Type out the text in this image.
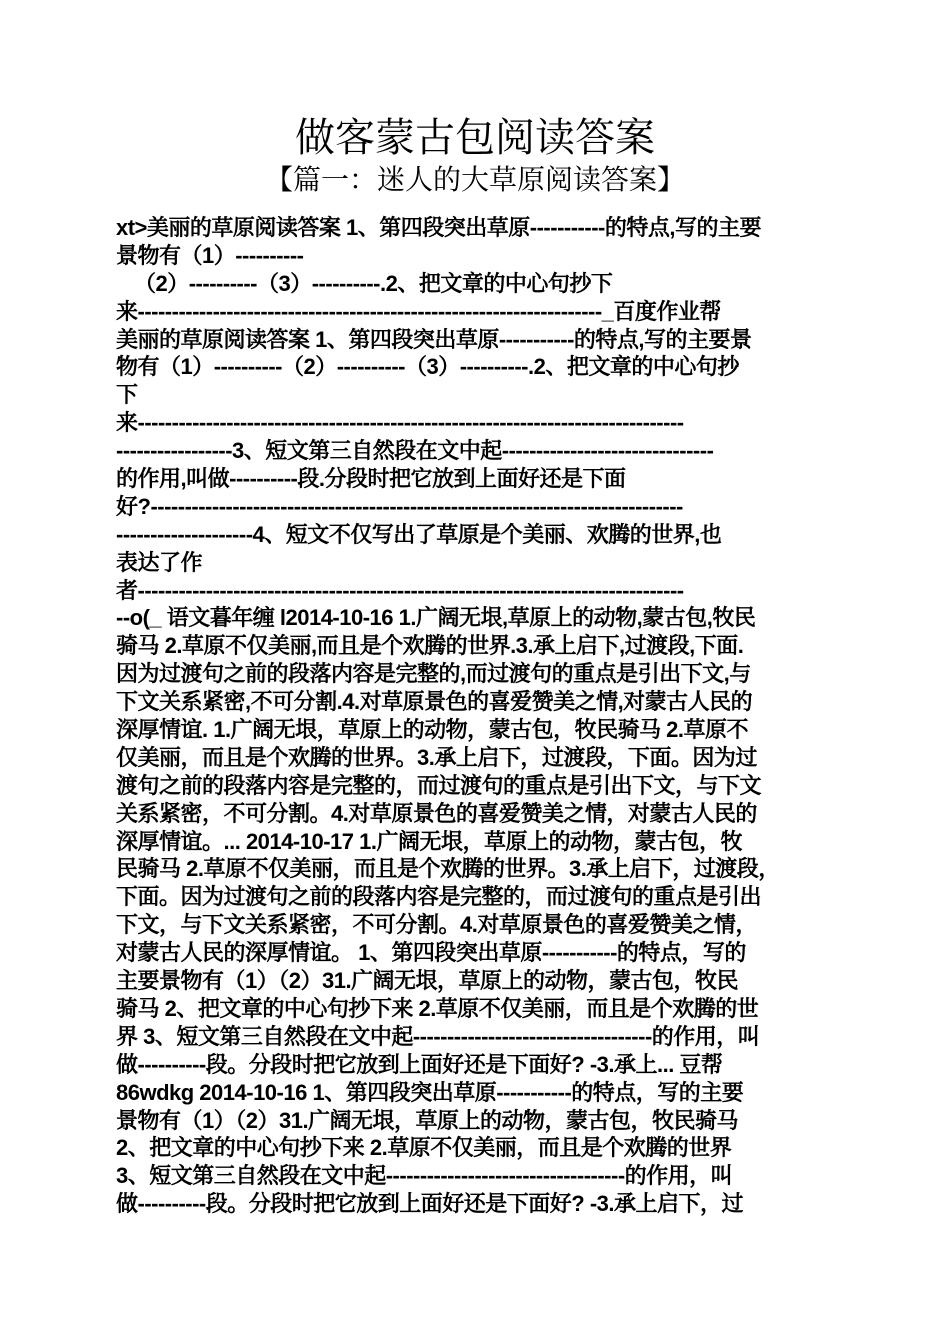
做客蒙古包阅读答案
【篇一：迷人的大草原阅读答案】
xt>美丽的草原阅读答案 1、第四段突出草原-----------的特点,写的主要
景物有（1）----------
（2）----------（3）----------.2、把文章的中心句抄下
来--------------------------------------------------------------------_百度作业帮
美丽的草原阅读答案 1、第四段突出草原-----------的特点,写的主要景
物有（1）----------（2）----------（3）----------.2、把文章的中心句抄
下
来--------------------------------------------------------------------------------
-----------------3、短文第三自然段在文中起-------------------------------
的作用,叫做----------段.分段时把它放到上面好还是下面
好?------------------------------------------------------------------------------
--------------------4、短文不仅写出了草原是个美丽、欢腾的世界,也
表达了作
者--------------------------------------------------------------------------------
--o(_ 语文暮年缠 l2014-10-16 1.广阔无垠,草原上的动物,蒙古包,牧民
骑马 2.草原不仅美丽,而且是个欢腾的世界.3.承上启下,过渡段,下面.
因为过渡句之前的段落内容是完整的,而过渡句的重点是引出下文,与
下文关系紧密,不可分割.4.对草原景色的喜爱赞美之情,对蒙古人民的
深厚情谊. 1.广阔无垠，草原上的动物，蒙古包，牧民骑马 2.草原不
仅美丽，而且是个欢腾的世界。3.承上启下，过渡段，下面。因为过
渡句之前的段落内容是完整的，而过渡句的重点是引出下文，与下文
关系紧密，不可分割。4.对草原景色的喜爱赞美之情，对蒙古人民的
深厚情谊。... 2014-10-17 1.广阔无垠，草原上的动物，蒙古包，牧
民骑马 2.草原不仅美丽，而且是个欢腾的世界。3.承上启下，过渡段，
下面。因为过渡句之前的段落内容是完整的，而过渡句的重点是引出
下文，与下文关系紧密，不可分割。4.对草原景色的喜爱赞美之情，
对蒙古人民的深厚情谊。 1、第四段突出草原-----------的特点，写的
主要景物有（1）（2）31.广阔无垠，草原上的动物，蒙古包，牧民
骑马 2、把文章的中心句抄下来 2.草原不仅美丽，而且是个欢腾的世
界 3、短文第三自然段在文中起-----------------------------------的作用，叫
做----------段。分段时把它放到上面好还是下面好? -3.承上... 豆帮
86wdkg 2014-10-16 1、第四段突出草原-----------的特点，写的主要
景物有（1）（2）31.广阔无垠，草原上的动物，蒙古包，牧民骑马
2、把文章的中心句抄下来 2.草原不仅美丽，而且是个欢腾的世界
3、短文第三自然段在文中起-----------------------------------的作用，叫
做----------段。分段时把它放到上面好还是下面好? -3.承上启下，过
